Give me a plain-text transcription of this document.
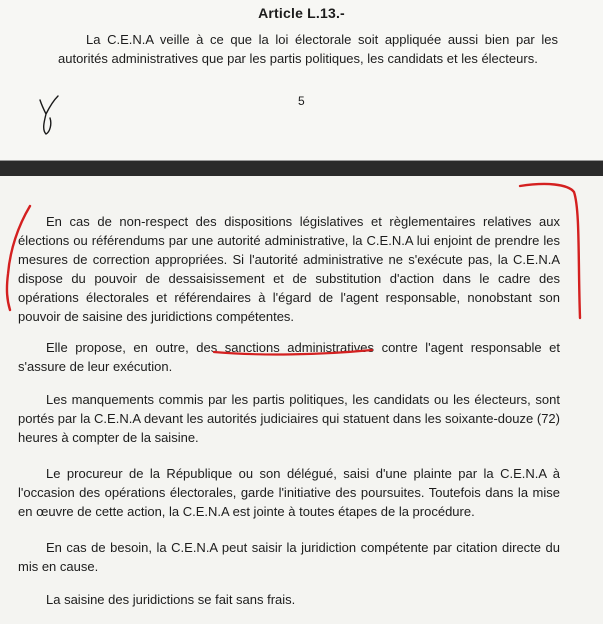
Article L.13.-

La C.E.N.A veille à ce que la loi électorale soit appliquée aussi bien par les autorités administratives que par les partis politiques, les candidats et les électeurs.

5

En cas de non-respect des dispositions législatives et règlementaires relatives aux élections ou référendums par une autorité administrative, la C.E.N.A lui enjoint de prendre les mesures de correction appropriées. Si l'autorité administrative ne s'exécute pas, la C.E.N.A dispose du pouvoir de dessaisissement et de substitution d'action dans le cadre des opérations électorales et référendaires à l'égard de l'agent responsable, nonobstant son pouvoir de saisine des juridictions compétentes.

Elle propose, en outre, des sanctions administratives contre l'agent responsable et s'assure de leur exécution.

Les manquements commis par les partis politiques, les candidats ou les électeurs, sont portés par la C.E.N.A devant les autorités judiciaires qui statuent dans les soixante-douze (72) heures à compter de la saisine.

Le procureur de la République ou son délégué, saisi d'une plainte par la C.E.N.A à l'occasion des opérations électorales, garde l'initiative des poursuites. Toutefois dans la mise en œuvre de cette action, la C.E.N.A est jointe à toutes étapes de la procédure.

En cas de besoin, la C.E.N.A peut saisir la juridiction compétente par citation directe du mis en cause.

La saisine des juridictions se fait sans frais.
